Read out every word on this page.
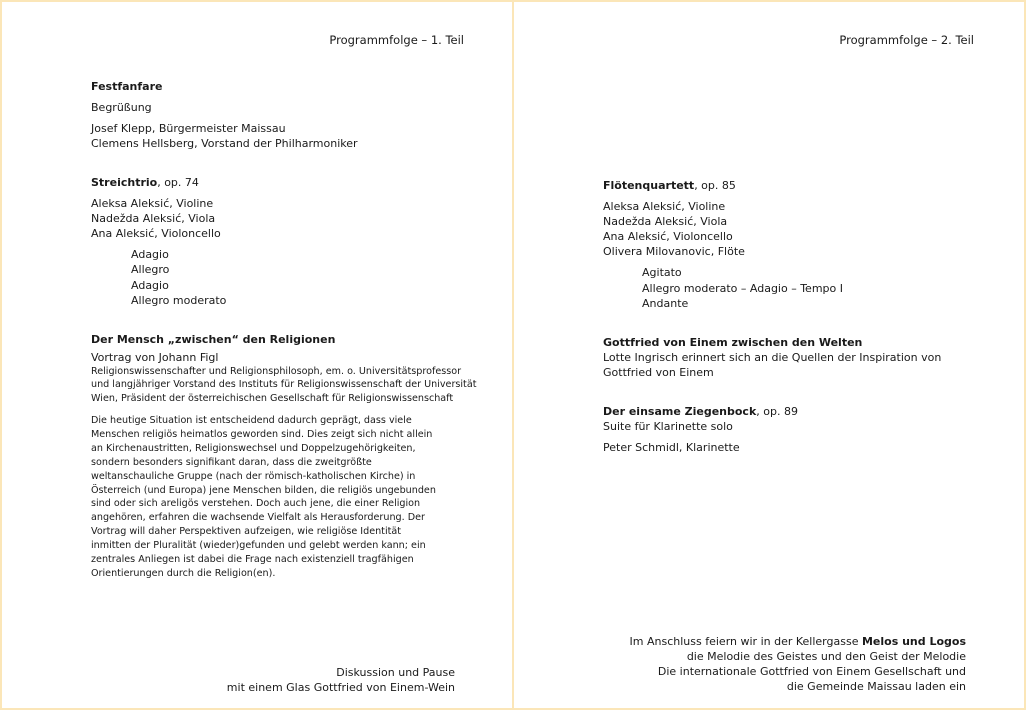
Programmfolge – 1. Teil
Festfanfare
Begrüßung
Josef Klepp, Bürgermeister Maissau
Clemens Hellsberg, Vorstand der Philharmoniker
Streichtrio, op. 74
Aleksa Aleksić, Violine
Nadežda Aleksić, Viola
Ana Aleksić, Violoncello
Adagio
Allegro
Adagio
Allegro moderato
Der Mensch „zwischen“ den Religionen
Vortrag von Johann Figl
Religionswissenschafter und Religionsphilosoph, em. o. Universitätsprofessor
und langjähriger Vorstand des Instituts für Religionswissenschaft der Universität
Wien, Präsident der österreichischen Gesellschaft für Religionswissenschaft
Die heutige Situation ist entscheidend dadurch geprägt, dass viele
Menschen religiös heimatlos geworden sind. Dies zeigt sich nicht allein
an Kirchenaustritten, Religionswechsel und Doppelzugehörigkeiten,
sondern besonders signifikant daran, dass die zweitgrößte
weltanschauliche Gruppe (nach der römisch-katholischen Kirche) in
Österreich (und Europa) jene Menschen bilden, die religiös ungebunden
sind oder sich areligös verstehen. Doch auch jene, die einer Religion
angehören, erfahren die wachsende Vielfalt als Herausforderung. Der
Vortrag will daher Perspektiven aufzeigen, wie religiöse Identität
inmitten der Pluralität (wieder)gefunden und gelebt werden kann; ein
zentrales Anliegen ist dabei die Frage nach existenziell tragfähigen
Orientierungen durch die Religion(en).
Diskussion und Pause
mit einem Glas Gottfried von Einem-Wein
Programmfolge – 2. Teil
Flötenquartett, op. 85
Aleksa Aleksić, Violine
Nadežda Aleksić, Viola
Ana Aleksić, Violoncello
Olivera Milovanovic, Flöte
Agitato
Allegro moderato – Adagio – Tempo I
Andante
Gottfried von Einem zwischen den Welten
Lotte Ingrisch erinnert sich an die Quellen der Inspiration von
Gottfried von Einem
Der einsame Ziegenbock, op. 89
Suite für Klarinette solo
Peter Schmidl, Klarinette
Im Anschluss feiern wir in der Kellergasse Melos und Logos
die Melodie des Geistes und den Geist der Melodie
Die internationale Gottfried von Einem Gesellschaft und
die Gemeinde Maissau laden ein
